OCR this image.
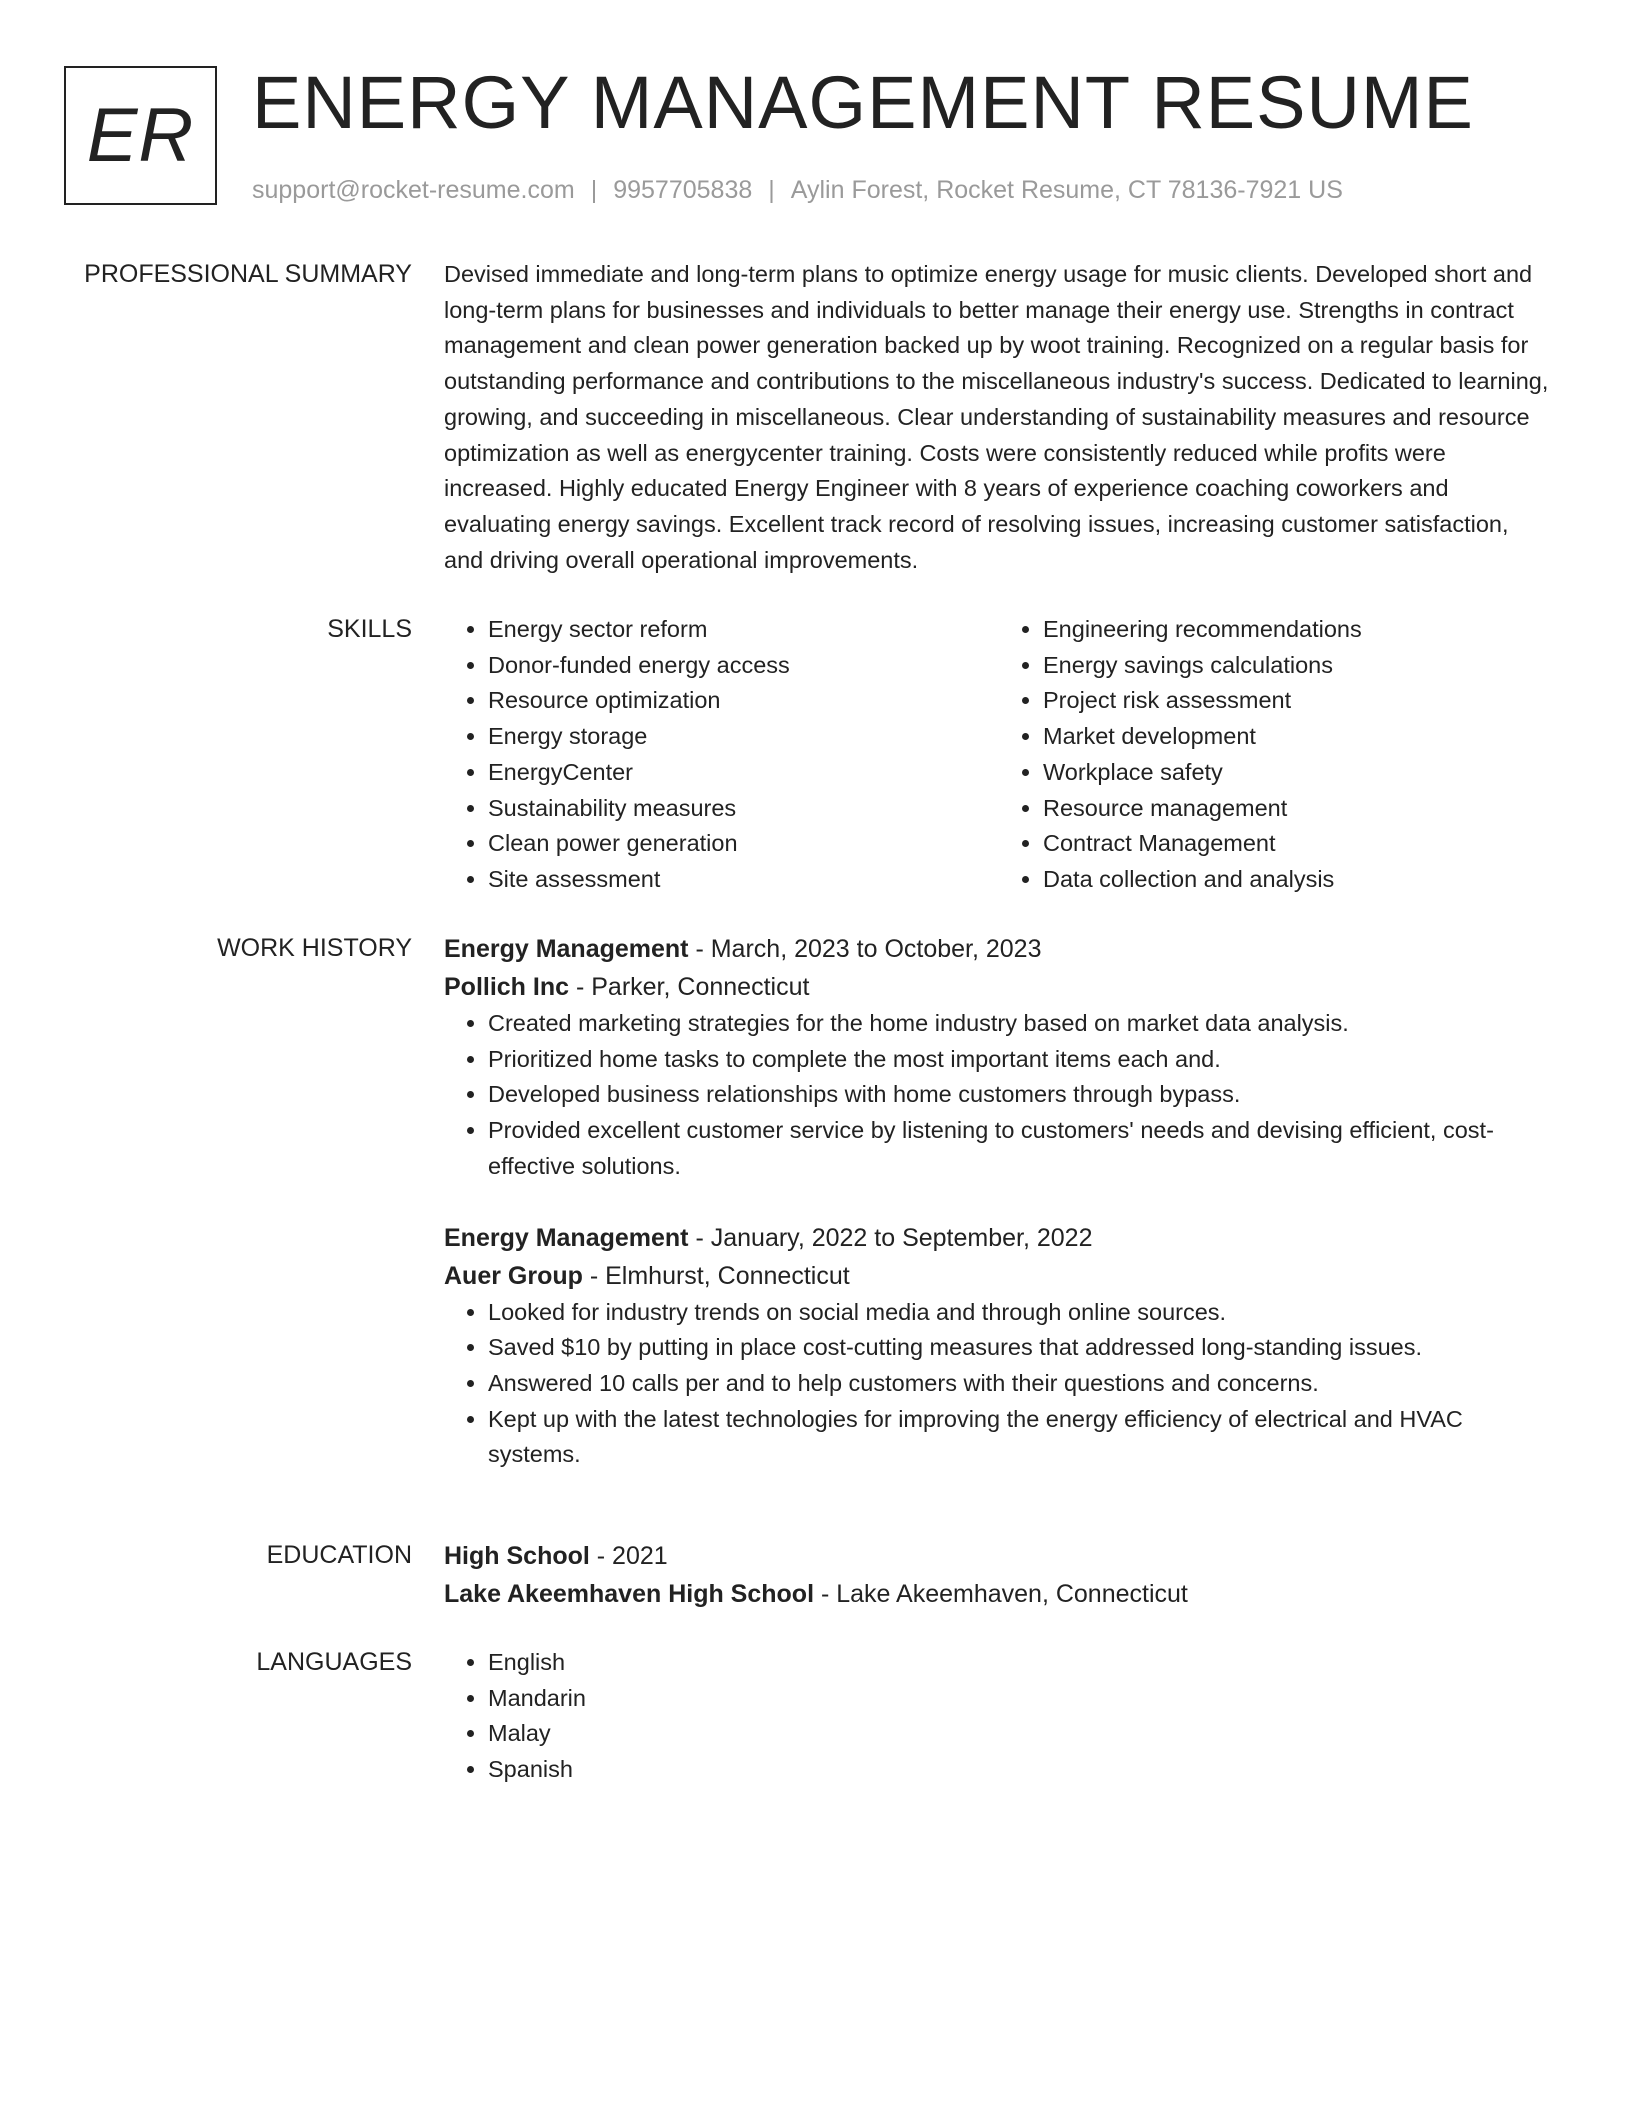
ER ENERGY MANAGEMENT RESUME
support@rocket-resume.com | 9957705838 | Aylin Forest, Rocket Resume, CT 78136-7921 US
PROFESSIONAL SUMMARY Devised immediate and long-term plans to optimize energy usage for music clients. Developed short and long-term plans for businesses and individuals to better manage their energy use. Strengths in contract management and clean power generation backed up by woot training. Recognized on a regular basis for outstanding performance and contributions to the miscellaneous industry's success. Dedicated to learning, growing, and succeeding in miscellaneous. Clear understanding of sustainability measures and resource optimization as well as energycenter training. Costs were consistently reduced while profits were increased. Highly educated Energy Engineer with 8 years of experience coaching coworkers and evaluating energy savings. Excellent track record of resolving issues, increasing customer satisfaction, and driving overall operational improvements.

SKILLS	• Energy sector reform
• Donor-funded energy access
• Resource optimization
• Energy storage
• EnergyCenter
• Sustainability measures
• Clean power generation
• Site assessment
• Engineering recommendations
• Energy savings calculations
• Project risk assessment
• Market development
• Workplace safety
• Resource management
• Contract Management
• Data collection and analysis
WORK HISTORY Energy Management - March, 2023 to October, 2023
Pollich Inc - Parker, Connecticut
• Created marketing strategies for the home industry based on market data analysis.
• Prioritized home tasks to complete the most important items each and.
• Developed business relationships with home customers through bypass.
• Provided excellent customer service by listening to customers' needs and devising efficient, cost-effective solutions.
Energy Management - January, 2022 to September, 2022
Auer Group - Elmhurst, Connecticut
• Looked for industry trends on social media and through online sources.
• Saved $10 by putting in place cost-cutting measures that addressed long-standing issues.
• Answered 10 calls per and to help customers with their questions and concerns.
• Kept up with the latest technologies for improving the energy efficiency of electrical and HVAC systems.
EDUCATION High School - 2021
Lake Akeemhaven High School - Lake Akeemhaven, Connecticut
LANGUAGES	• English
• Mandarin
• Malay
• Spanish
